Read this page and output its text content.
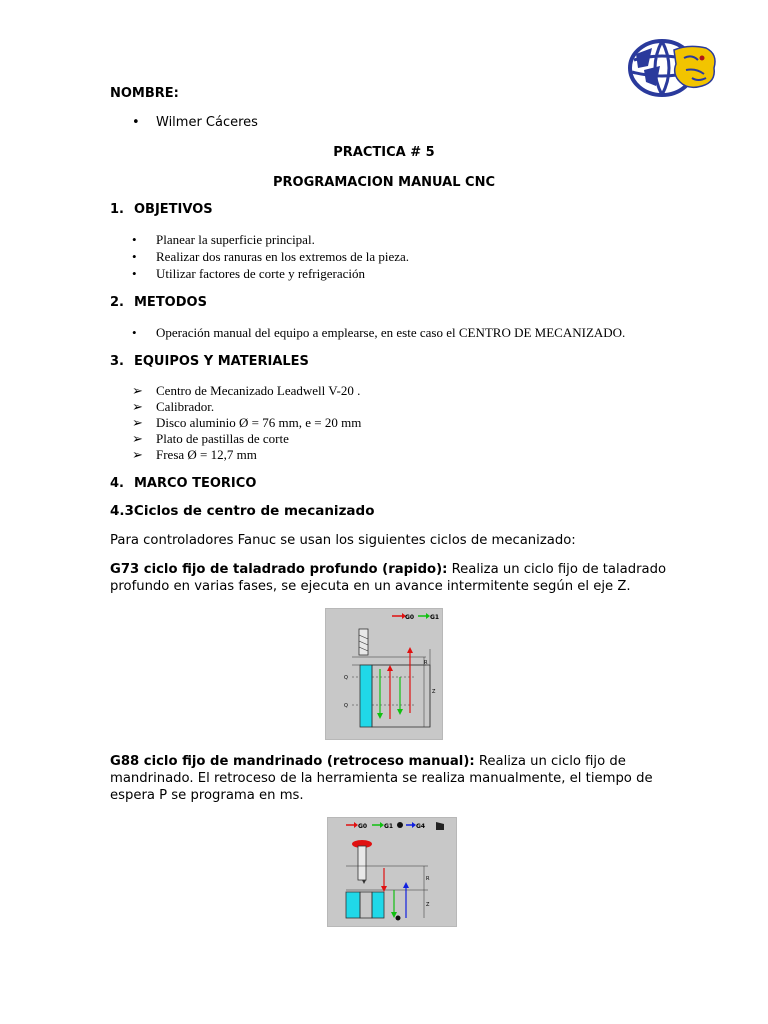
NOMBRE:
•	Wilmer Cáceres
PRACTICA # 5
PROGRAMACION MANUAL CNC
1. OBJETIVOS
•	Planear la superficie principal.
•	Realizar dos ranuras en los extremos de la pieza.
•	Utilizar factores de corte y refrigeración
2. METODOS
•	Operación manual del equipo a emplearse, en este caso el CENTRO DE MECANIZADO.
3. EQUIPOS Y MATERIALES
➢ Centro de Mecanizado Leadwell V-20 .
➢ Calibrador.
➢ Disco aluminio Ø = 76 mm, e = 20 mm
➢ Plato de pastillas de corte
➢ Fresa Ø = 12,7 mm
4. MARCO TEORICO
4.3Ciclos de centro de mecanizado
Para controladores Fanuc se usan los siguientes ciclos de mecanizado:
G73 ciclo fijo de taladrado profundo (rapido): Realiza un ciclo fijo de taladrado
profundo en varias fases, se ejecuta en un avance intermitente según el eje Z.
G0	G1
R
Z
Q
Q
G88 ciclo fijo de mandrinado (retroceso manual): Realiza un ciclo fijo de
mandrinado. El retroceso de la herramienta se realiza manualmente, el tiempo de
espera P se programa en ms.
G0	G1	G4
R
Z
